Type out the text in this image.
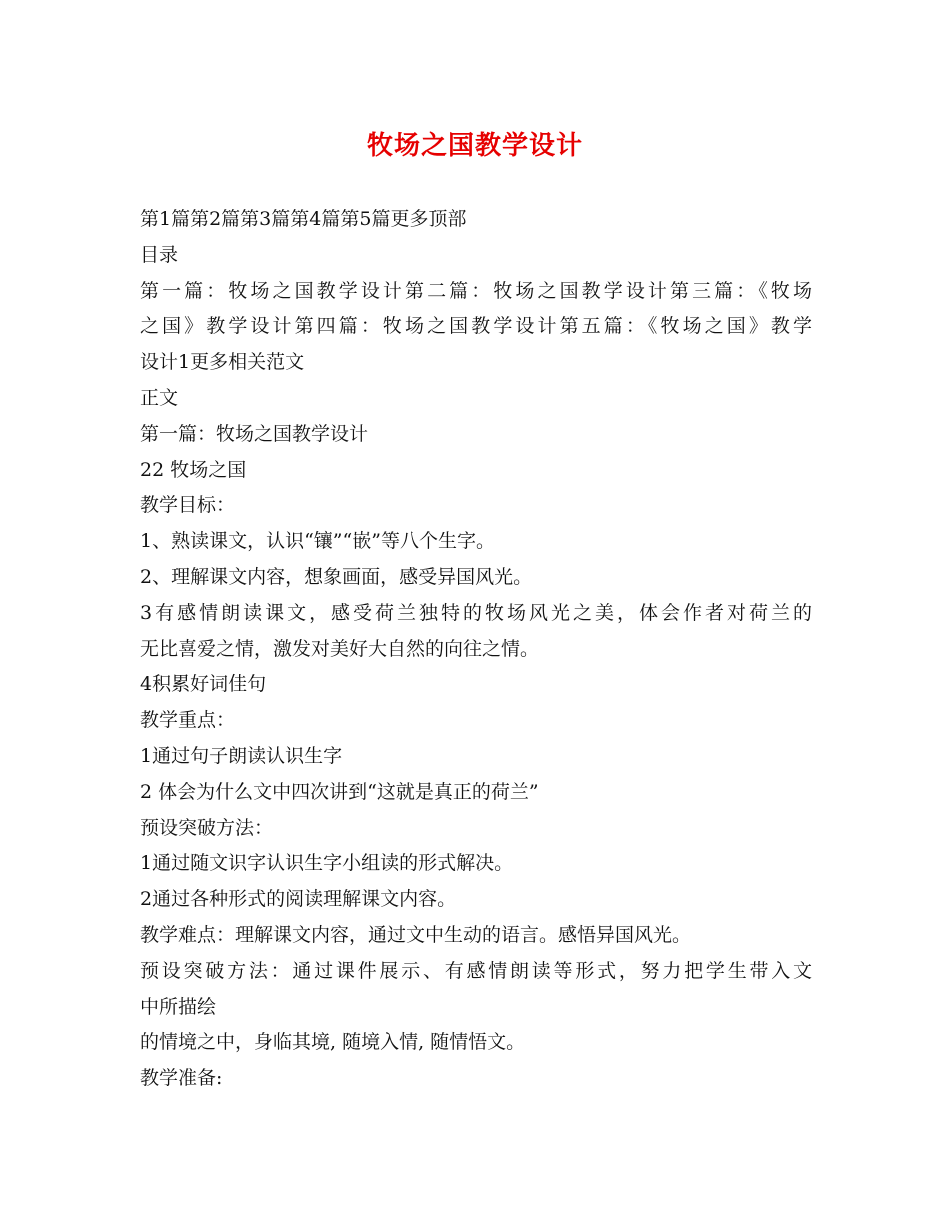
牧场之国教学设计
第1篇第2篇第3篇第4篇第5篇更多顶部
目录
第一篇：牧场之国教学设计第二篇：牧场之国教学设计第三篇：《牧场
之国》教学设计第四篇：牧场之国教学设计第五篇：《牧场之国》教学
设计1更多相关范文
正文
第一篇：牧场之国教学设计
22 牧场之国
教学目标：
1、熟读课文，认识“镶”“嵌”等八个生字。
2、理解课文内容，想象画面，感受异国风光。
3有感情朗读课文，感受荷兰独特的牧场风光之美，体会作者对荷兰的
无比喜爱之情，激发对美好大自然的向往之情。
4积累好词佳句
教学重点：
1通过句子朗读认识生字
2 体会为什么文中四次讲到“这就是真正的荷兰”
预设突破方法：
1通过随文识字认识生字小组读的形式解决。
2通过各种形式的阅读理解课文内容。
教学难点：理解课文内容，通过文中生动的语言。感悟异国风光。
预设突破方法：通过课件展示、有感情朗读等形式，努力把学生带入文
中所描绘
的情境之中，身临其境, 随境入情, 随情悟文。
教学准备:
